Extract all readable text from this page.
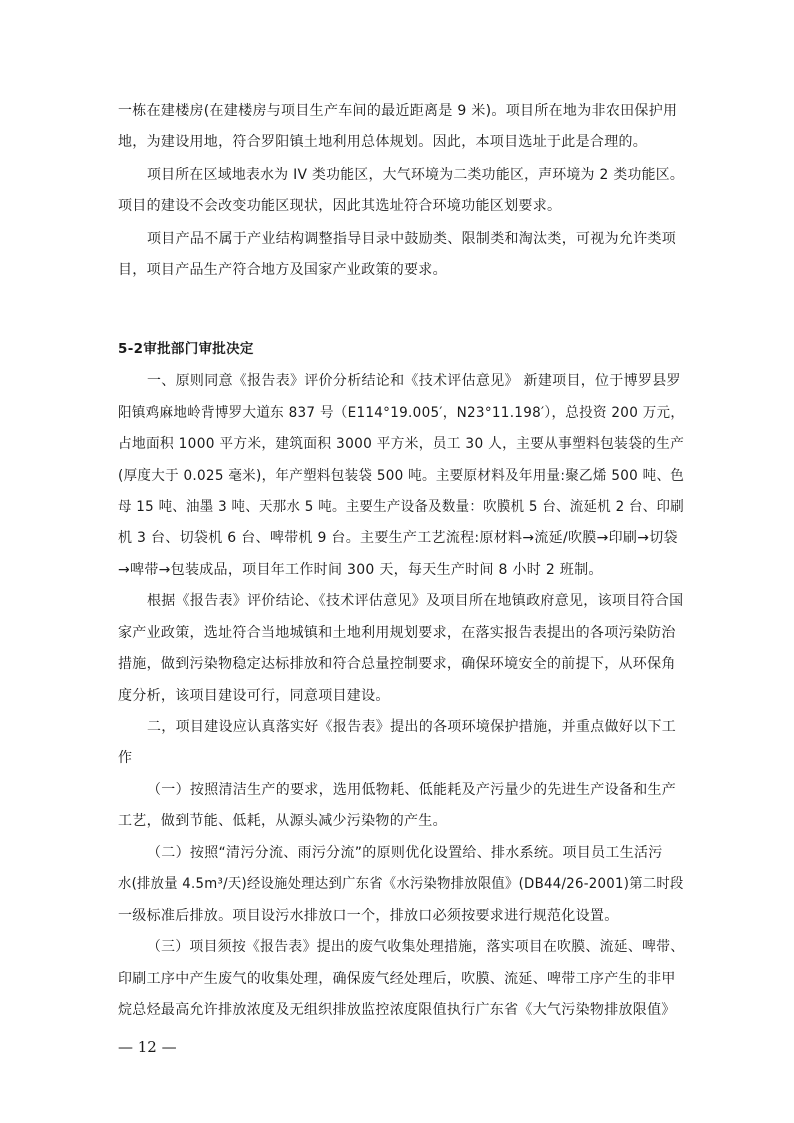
一栋在建楼房(在建楼房与项目生产车间的最近距离是 9 米)。项目所在地为非农田保护用
地，为建设用地，符合罗阳镇土地利用总体规划。因此，本项目选址于此是合理的。
项目所在区域地表水为 IV 类功能区，大气环境为二类功能区，声环境为 2 类功能区。
项目的建设不会改变功能区现状，因此其选址符合环境功能区划要求。
项目产品不属于产业结构调整指导目录中鼓励类、限制类和淘汰类，可视为允许类项
目，项目产品生产符合地方及国家产业政策的要求。
5-2审批部门审批决定
一、原则同意《报告表》评价分析结论和《技术评估意见》 新建项目，位于博罗县罗
阳镇鸡麻地岭背博罗大道东 837 号（E114°19.005′，N23°11.198′），总投资 200 万元，
占地面积 1000 平方米，建筑面积 3000 平方米，员工 30 人，主要从事塑料包装袋的生产
(厚度大于 0.025 毫米)，年产塑料包装袋 500 吨。主要原材料及年用量:聚乙烯 500 吨、色
母 15 吨、油墨 3 吨、天那水 5 吨。主要生产设备及数量：吹膜机 5 台、流延机 2 台、印刷
机 3 台、切袋机 6 台、啤带机 9 台。主要生产工艺流程:原材料→流延/吹膜→印刷→切袋
→啤带→包装成品，项目年工作时间 300 天，每天生产时间 8 小时 2 班制。
根据《报告表》评价结论、《技术评估意见》及项目所在地镇政府意见，该项目符合国
家产业政策，选址符合当地城镇和土地利用规划要求，在落实报告表提出的各项污染防治
措施，做到污染物稳定达标排放和符合总量控制要求，确保环境安全的前提下，从环保角
度分析，该项目建设可行，同意项目建设。
二，项目建设应认真落实好《报告表》提出的各项环境保护措施，并重点做好以下工
作
（一）按照清洁生产的要求，选用低物耗、低能耗及产污量少的先进生产设备和生产
工艺，做到节能、低耗，从源头减少污染物的产生。
（二）按照“清污分流、雨污分流”的原则优化设置给、排水系统。项目员工生活污
水(排放量 4.5m³/天)经设施处理达到广东省《水污染物排放限值》(DB44/26-2001)第二时段
一级标准后排放。项目设污水排放口一个，排放口必须按要求进行规范化设置。
（三）项目须按《报告表》提出的废气收集处理措施，落实项目在吹膜、流延、啤带、
印刷工序中产生废气的收集处理，确保废气经处理后，吹膜、流延、啤带工序产生的非甲
烷总烃最高允许排放浓度及无组织排放监控浓度限值执行广东省《大气污染物排放限值》
— 12 —
